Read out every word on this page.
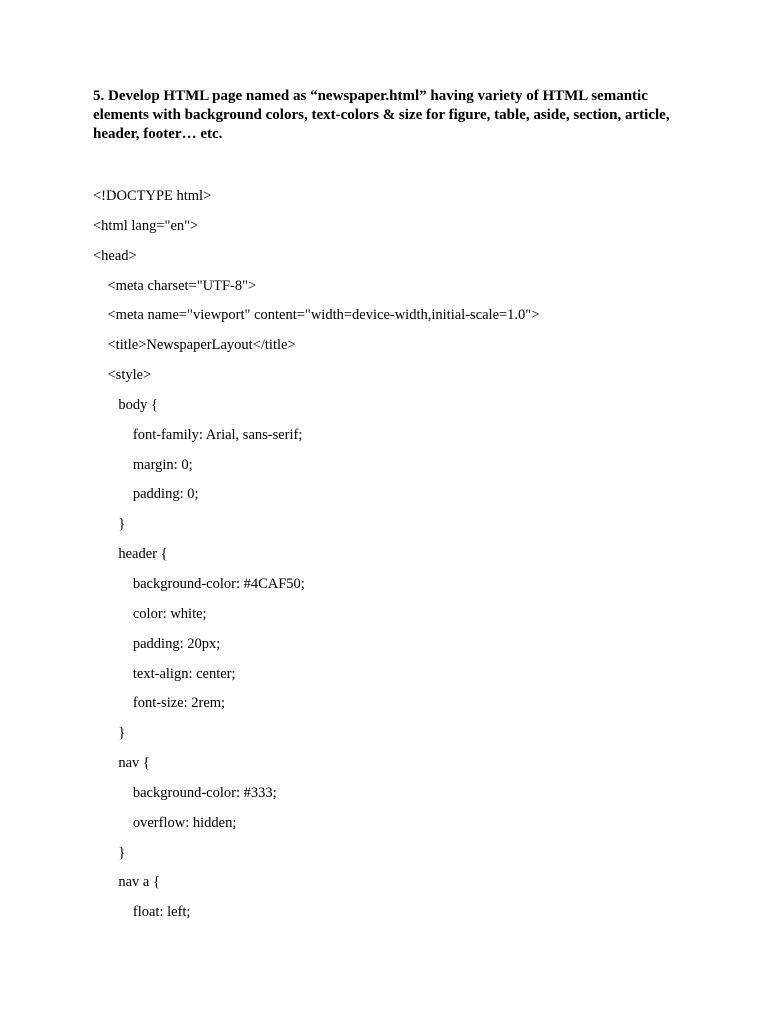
5. Develop HTML page named as “newspaper.html” having variety of HTML semantic elements with background colors, text-colors & size for figure, table, aside, section, article, header, footer… etc.

<!DOCTYPE html>
<html lang="en">
<head>
<meta charset="UTF-8">
<meta name="viewport" content="width=device-width,initial-scale=1.0">
<title>NewspaperLayout</title>
<style>
body {
font-family: Arial, sans-serif;
margin: 0;
padding: 0;
}
header {
background-color: #4CAF50;
color: white;
padding: 20px;
text-align: center;
font-size: 2rem;
}
nav {
background-color: #333;
overflow: hidden;
}
nav a {
float: left;
